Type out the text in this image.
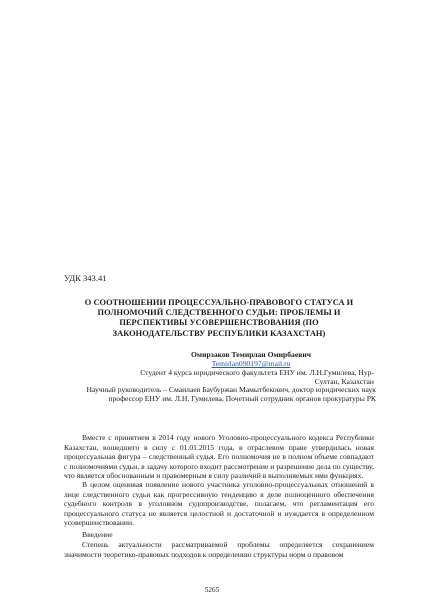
УДК 343.41
О СООТНОШЕНИИ ПРОЦЕССУАЛЬНО-ПРАВОВОГО СТАТУСА И ПОЛНОМОЧИЙ СЛЕДСТВЕННОГО СУДЬИ: ПРОБЛЕМЫ И ПЕРСПЕКТИВЫ УСОВЕРШЕНСТВОВАНИЯ (ПО ЗАКОНОДАТЕЛЬСТВУ РЕСПУБЛИКИ КАЗАХСТАН)
Омирзаков Темирлан Омирбаевич
Temirlan090197@mail.ru
Студент 4 курса юридического факультета ЕНУ им. Л.Н.Гумилева, Нур-Султан, Казахстан
Научный руководитель – Смаилаев Баубуржан Мамытбекович, доктор юридических наук профессор ЕНУ им. Л.Н. Гумилева, Почетный сотрудник органов прокуратуры РК
Вместе с принятием в 2014 году нового Уголовно-процессуального кодекса Республики Казахстан, вошедшего в силу с 01.01.2015 года, в отраслевом праве утвердилась новая процессуальная фигура – следственный судья. Его полномочия не в полном объеме совпадают с полномочиями судьи, в задачу которого входит рассмотрение и разрешение дела по существу, что является обоснованным и правомерным в силу различий в выполняемых ими функциях.
В целом оценивая появление нового участника уголовно-процессуальных отношений в лице следственного судьи как прогрессивную тенденцию в деле полноценного обеспечения судебного контроля в уголовном судопроизводстве, полагаем, что регламентация его процессуального статуса не является целостной и достаточной и нуждается в определенном усовершенствовании.
Введение
Степень актуальности рассматриваемой проблемы определяется сохранением значимости теоретико-правовых подходов к определению структуры норм о правовом
5265
